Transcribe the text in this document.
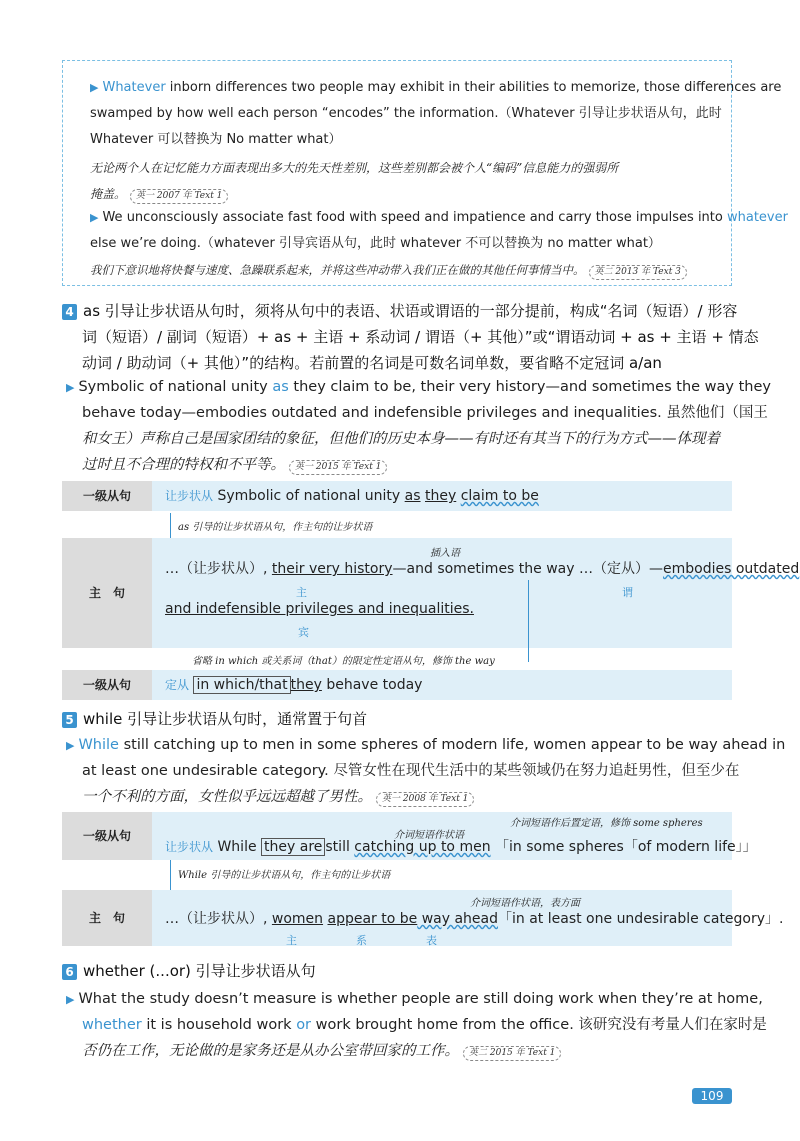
▶ Whatever inborn differences two people may exhibit in their abilities to memorize, those differences are
swamped by how well each person “encodes” the information.（Whatever 引导让步状语从句，此时
Whatever 可以替换为 No matter what）
无论两个人在记忆能力方面表现出多大的先天性差别，这些差别都会被个人“编码”信息能力的强弱所
掩盖。 英一 2007 年 Text 1
▶ We unconsciously associate fast food with speed and impatience and carry those impulses into whatever
else we’re doing.（whatever 引导宾语从句，此时 whatever 不可以替换为 no matter what）
我们下意识地将快餐与速度、急躁联系起来，并将这些冲动带入我们正在做的其他任何事情当中。 英二 2013 年 Text 3
4 as 引导让步状语从句时，须将从句中的表语、状语或谓语的一部分提前，构成“名词（短语）/ 形容
词（短语）/ 副词（短语）+ as + 主语 + 系动词 / 谓语（+ 其他）”或“谓语动词 + as + 主语 + 情态
动词 / 助动词（+ 其他）”的结构。若前置的名词是可数名词单数，要省略不定冠词 a/an
▶ Symbolic of national unity as they claim to be, their very history—and sometimes the way they
behave today—embodies outdated and indefensible privileges and inequalities. 虽然他们（国王
和女王）声称自己是国家团结的象征，但他们的历史本身——有时还有其当下的行为方式——体现着
过时且不合理的特权和不平等。 英一 2015 年 Text 1
一级从句	让步状从 Symbolic of national unity as they claim to be
as 引导的让步状语从句，作主句的让步状语
主　句
插入语
…（让步状从）, their very history—and sometimes the way …（定从）—embodies outdated
主	谓
and indefensible privileges and inequalities.
宾
省略 in which 或关系词（that）的限定性定语从句，修饰 the way
一级从句	定从 in which/that they behave today
5 while 引导让步状语从句时，通常置于句首
▶ While still catching up to men in some spheres of modern life, women appear to be way ahead in
at least one undesirable category. 尽管女性在现代生活中的某些领域仍在努力追赶男性，但至少在
一个不利的方面，女性似乎远远超越了男性。 英一 2008 年 Text 1
一级从句
介词短语作后置定语，修饰 some spheres
介词短语作状语
让步状从 While they are still catching up to men 「in some spheres「of modern life」」
While 引导的让步状语从句，作主句的让步状语
主　句
介词短语作状语，表方面
…（让步状从）, women appear to be way ahead「in at least one undesirable category」.
主	系	表
6 whether (...or) 引导让步状语从句
▶ What the study doesn’t measure is whether people are still doing work when they’re at home,
whether it is household work or work brought home from the office. 该研究没有考量人们在家时是
否仍在工作，无论做的是家务还是从办公室带回家的工作。 英二 2015 年 Text 1
109
